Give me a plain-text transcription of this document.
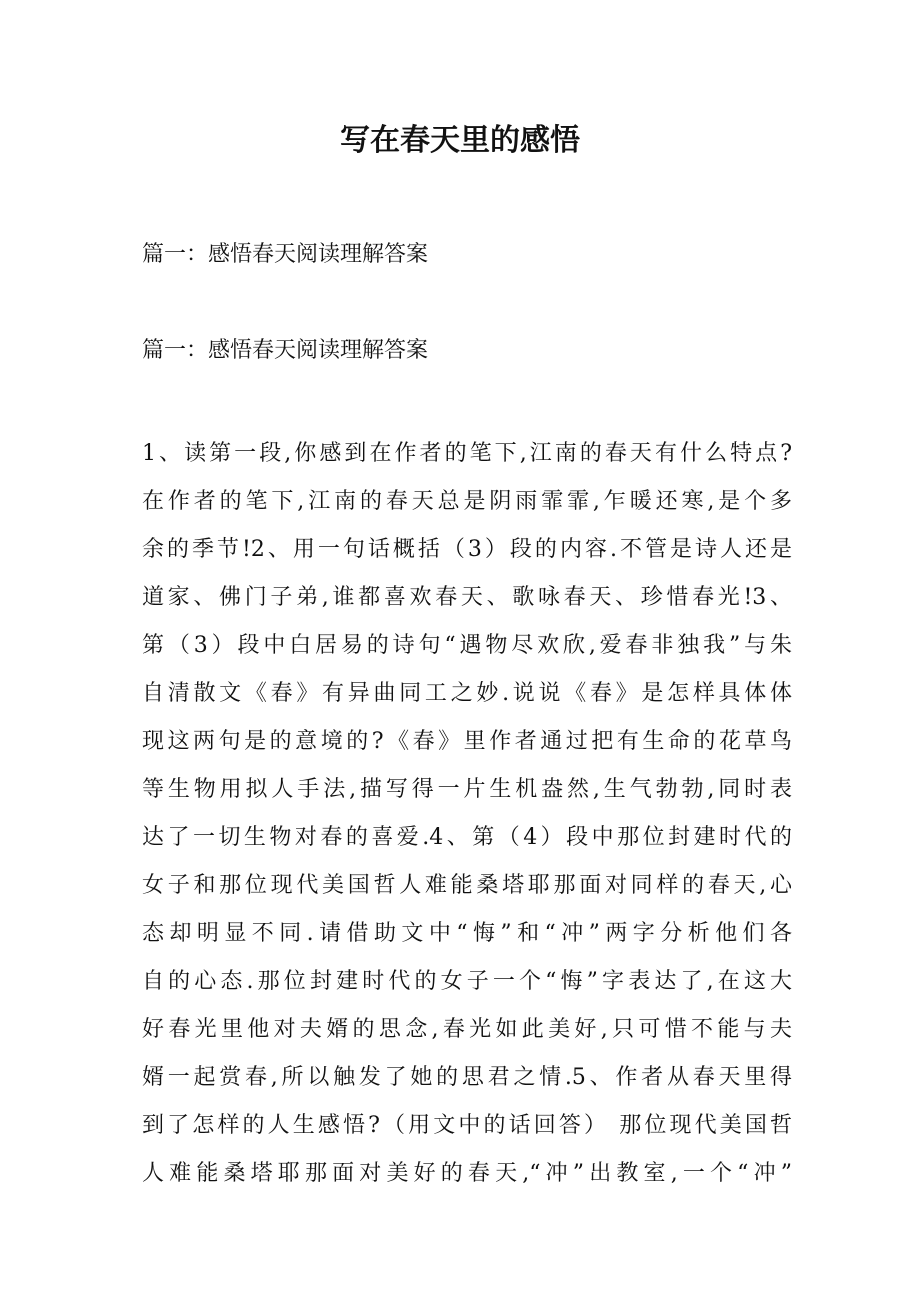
写在春天里的感悟

篇一：感悟春天阅读理解答案

篇一：感悟春天阅读理解答案

1、读第一段,你感到在作者的笔下,江南的春天有什么特点?
在作者的笔下,江南的春天总是阴雨霏霏,乍暖还寒,是个多
余的季节!2、用一句话概括（3）段的内容.不管是诗人还是
道家、佛门子弟,谁都喜欢春天、歌咏春天、珍惜春光!3、
第（3）段中白居易的诗句“遇物尽欢欣,爱春非独我”与朱
自清散文《春》有异曲同工之妙.说说《春》是怎样具体体
现这两句是的意境的?《春》里作者通过把有生命的花草鸟
等生物用拟人手法,描写得一片生机盎然,生气勃勃,同时表
达了一切生物对春的喜爱.4、第（4）段中那位封建时代的
女子和那位现代美国哲人难能桑塔耶那面对同样的春天,心
态却明显不同.请借助文中“悔”和“冲”两字分析他们各
自的心态.那位封建时代的女子一个“悔”字表达了,在这大
好春光里他对夫婿的思念,春光如此美好,只可惜不能与夫
婿一起赏春,所以触发了她的思君之情.5、作者从春天里得
到了怎样的人生感悟?（用文中的话回答） 那位现代美国哲
人难能桑塔耶那面对美好的春天,“冲”出教室,一个“冲”
